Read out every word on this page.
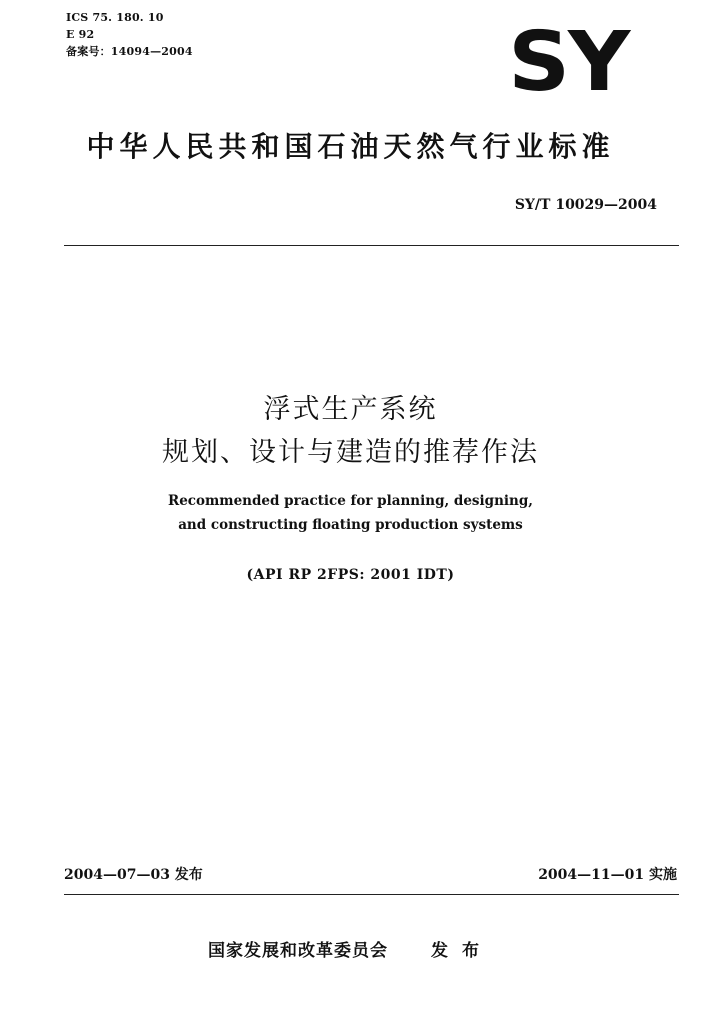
ICS 75. 180. 10
E 92
备案号：14094—2004	SY
中华人民共和国石油天然气行业标准
SY/T 10029—2004
浮式生产系统
规划、设计与建造的推荐作法
Recommended practice for planning, designing,
and constructing floating production systems
(API RP 2FPS: 2001 IDT)
2004—07—03 发布	2004—11—01 实施
国家发展和改革委员会	发布
